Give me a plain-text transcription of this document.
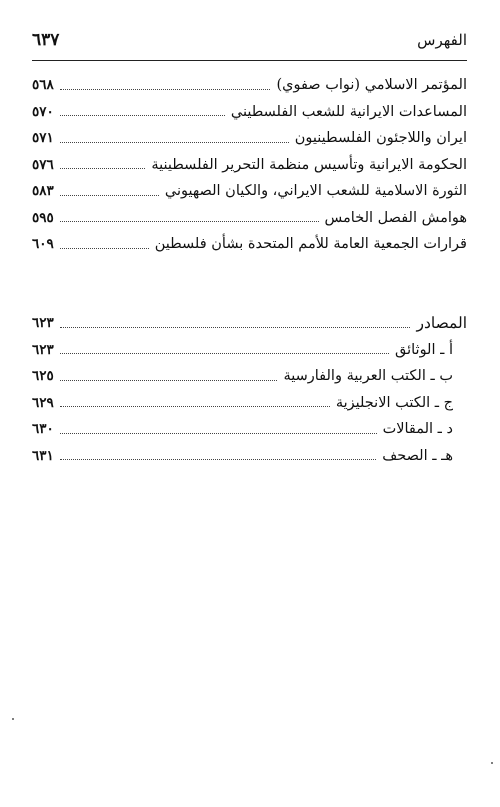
٦٣٧	الفهرس
٥٦٨	المؤتمر الاسلامي (نواب صفوي)
٥٧٠	المساعدات الايرانية للشعب الفلسطيني
٥٧١	ايران واللاجئون الفلسطينيون
٥٧٦	الحكومة الايرانية وتأسيس منظمة التحرير الفلسطينية
٥٨٣	الثورة الاسلامية للشعب الايراني، والكيان الصهيوني
٥٩٥	هوامش الفصل الخامس
٦٠٩	قرارات الجمعية العامة للأمم المتحدة بشأن فلسطين
٦٢٣	المصادر
٦٢٣	أ ـ الوثائق
٦٢٥	ب ـ الكتب العربية والفارسية
٦٢٩	ج ـ الكتب الانجليزية
٦٣٠	د ـ المقالات
٦٣١	هـ ـ الصحف
